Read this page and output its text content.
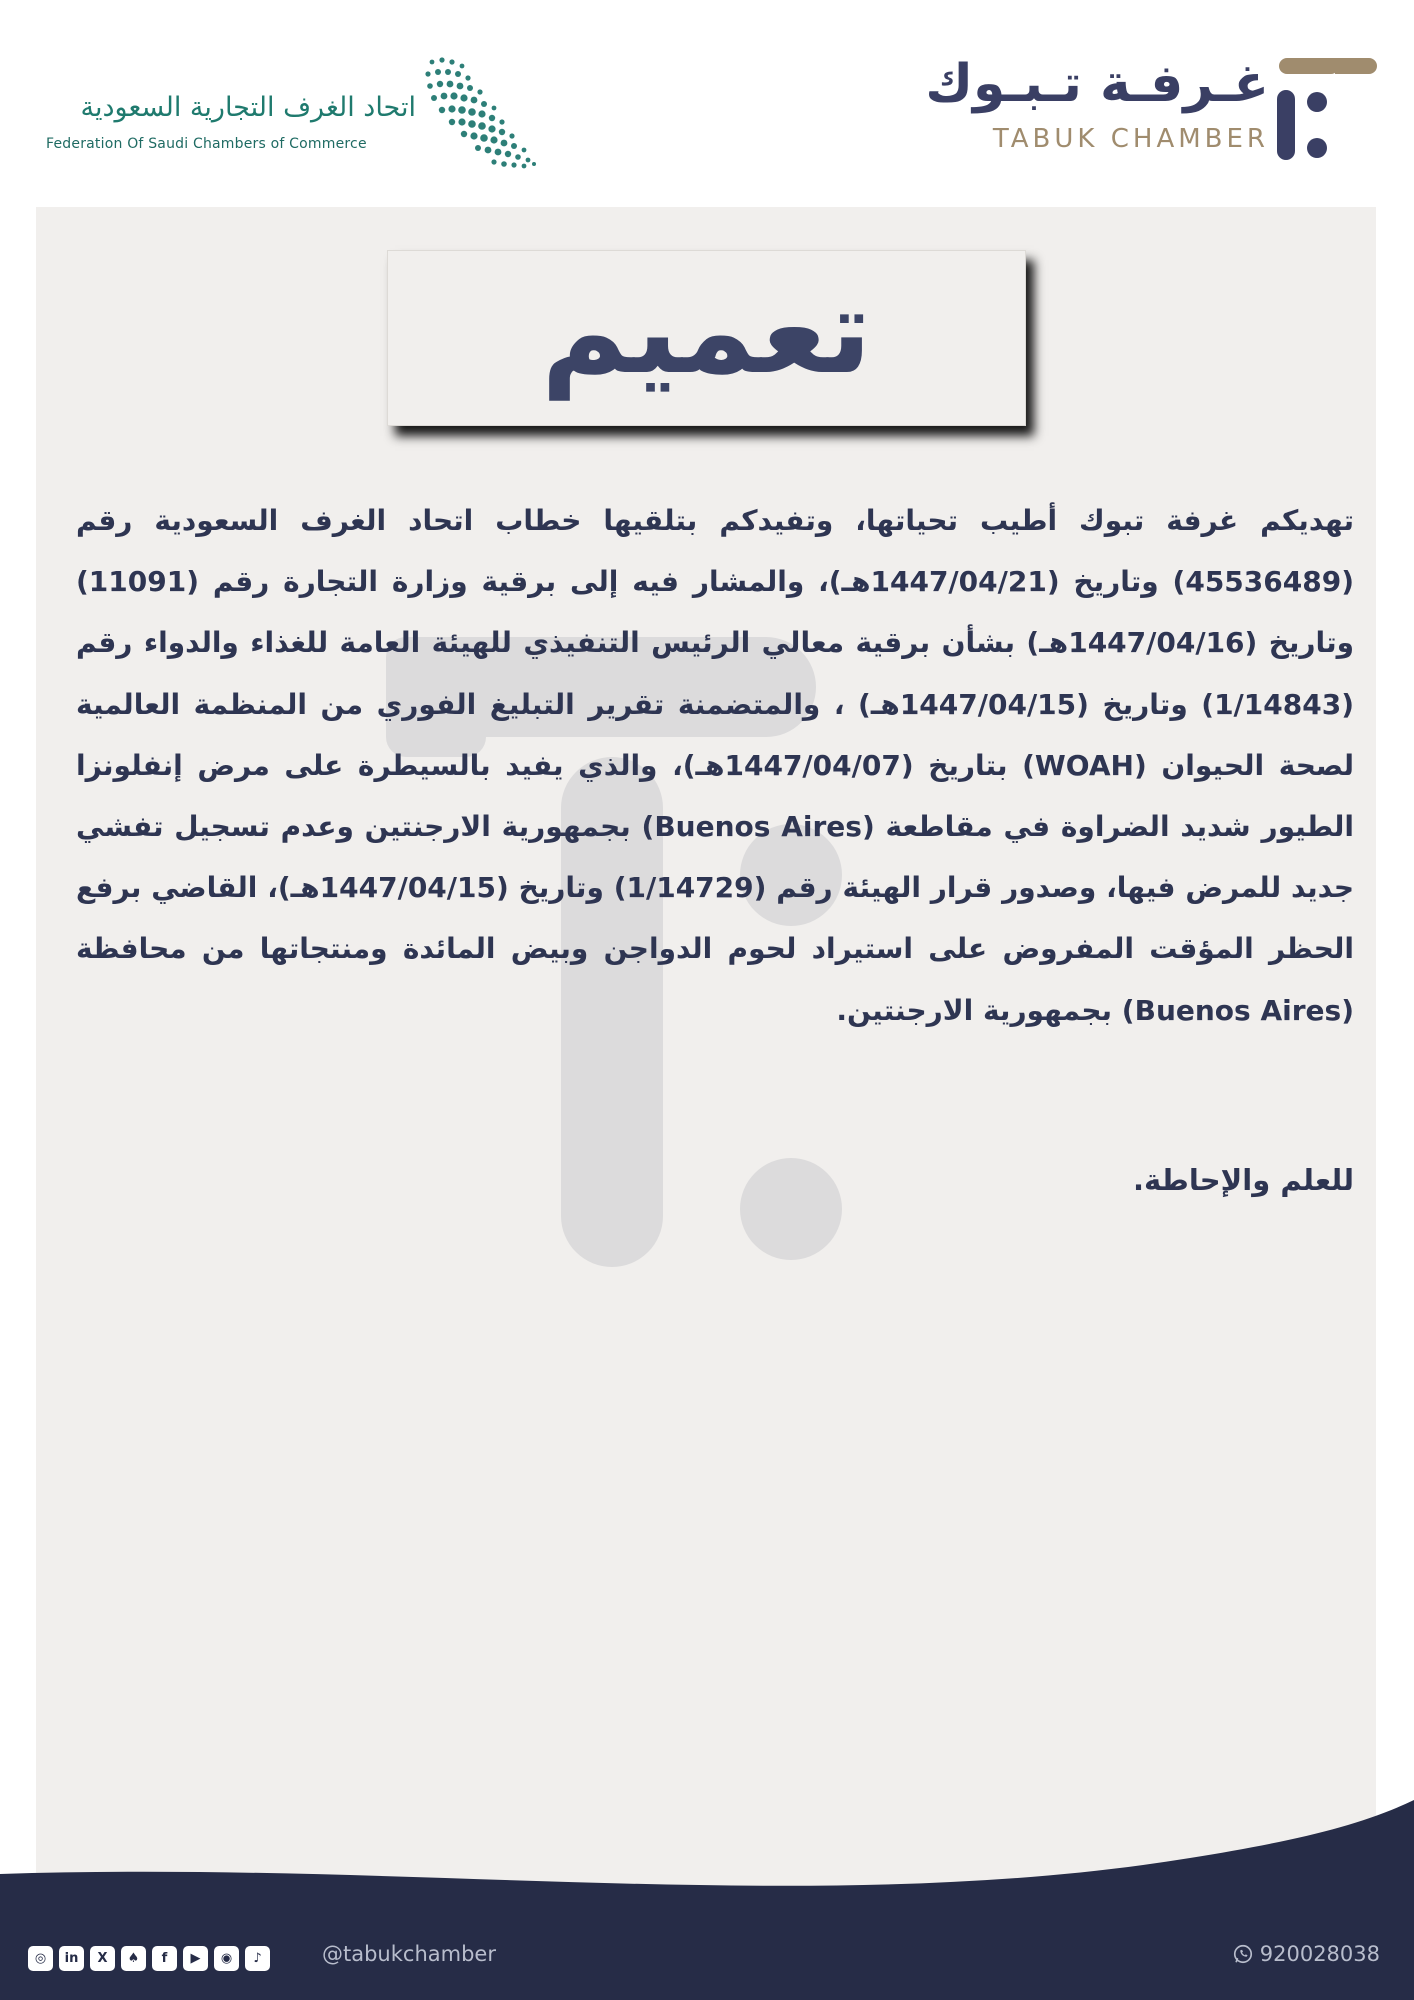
اتحاد الغرف التجارية السعودية
Federation Of Saudi Chambers of Commerce
غـرفـة تـبـوك
TABUK CHAMBER
تعميم
تهديكم غرفة تبوك أطيب تحياتها، وتفيدكم بتلقيها خطاب اتحاد الغرف السعودية رقم (45536489) وتاريخ (1447/04/21هـ)، والمشار فيه إلى برقية وزارة التجارة رقم (11091) وتاريخ (1447/04/16هـ) بشأن برقية معالي الرئيس التنفيذي للهيئة العامة للغذاء والدواء رقم (1/14843) وتاريخ (1447/04/15هـ) ، والمتضمنة تقرير التبليغ الفوري من المنظمة العالمية لصحة الحيوان (WOAH) بتاريخ (1447/04/07هـ)، والذي يفيد بالسيطرة على مرض إنفلونزا الطيور شديد الضراوة في مقاطعة (Buenos Aires) بجمهورية الارجنتين وعدم تسجيل تفشي جديد للمرض فيها، وصدور قرار الهيئة رقم (1/14729) وتاريخ (1447/04/15هـ)، القاضي برفع الحظر المؤقت المفروض على استيراد لحوم الدواجن وبيض المائدة ومنتجاتها من محافظة (Buenos Aires) بجمهورية الارجنتين.
للعلم والإحاطة.
◎	in	X	♠	f	▶	◉	♪	@tabukchamber	920028038
